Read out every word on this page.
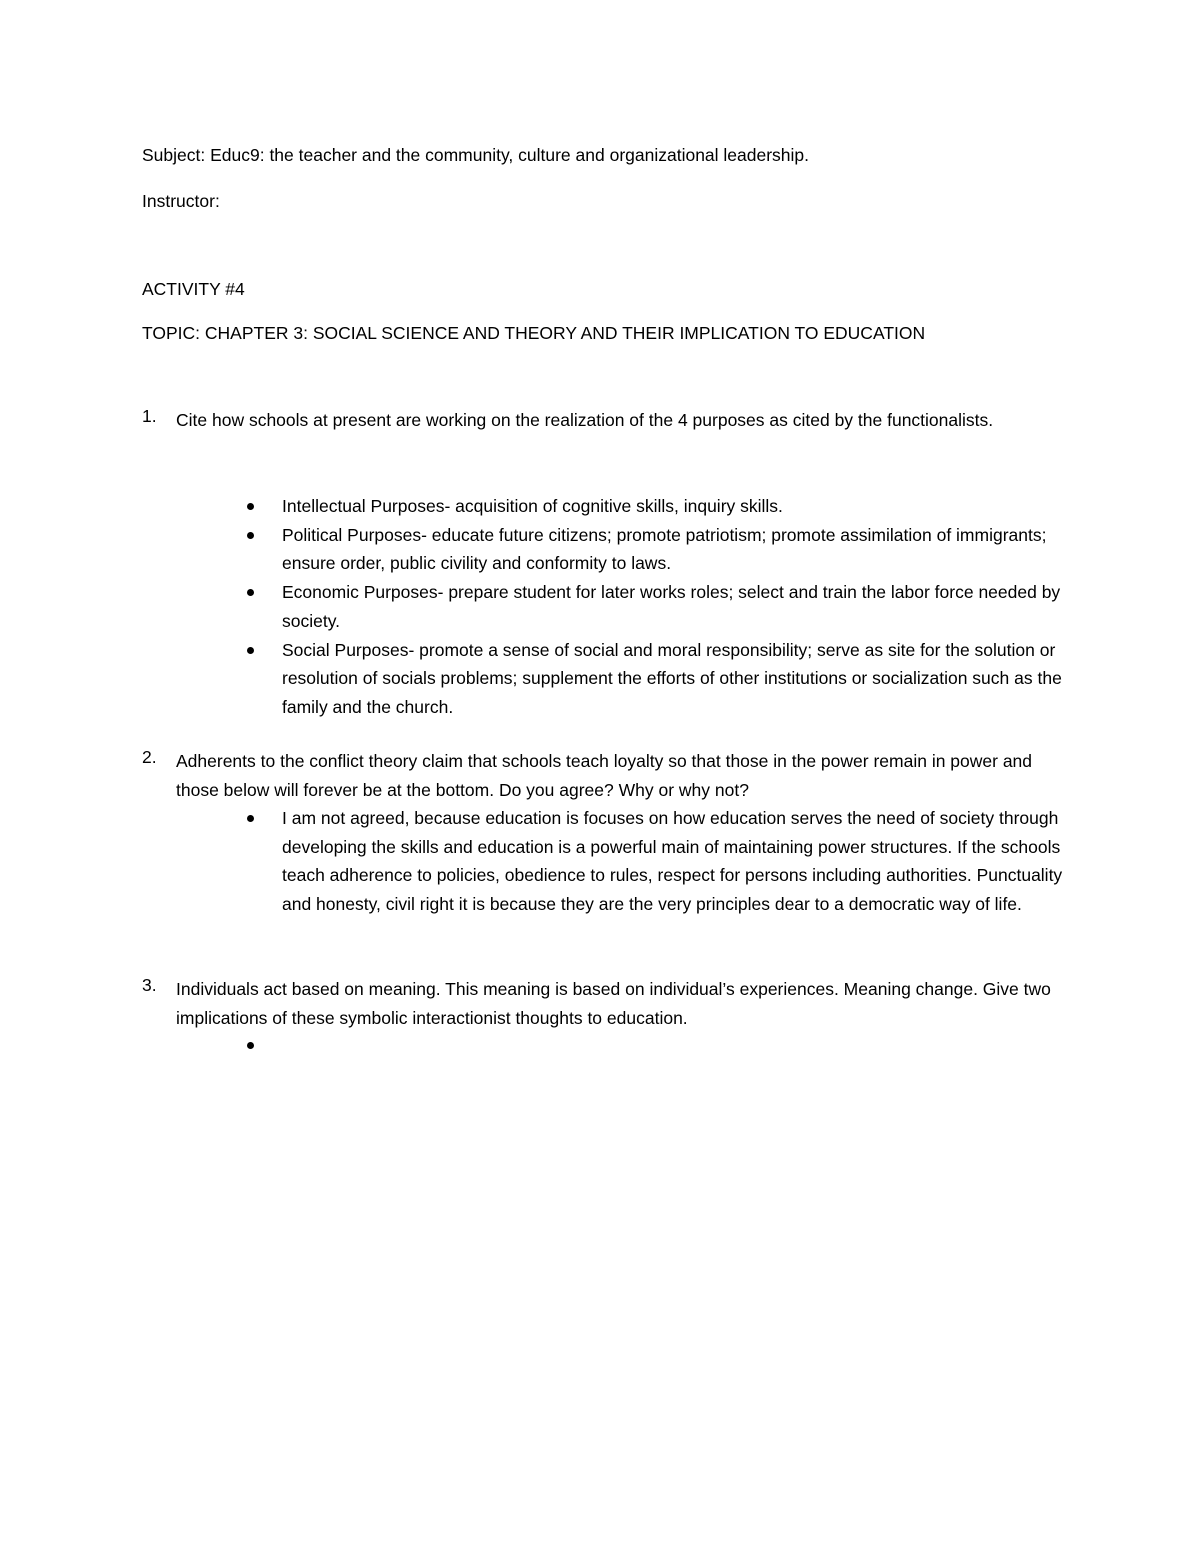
Subject: Educ9: the teacher and the community, culture and organizational leadership.
Instructor:
ACTIVITY #4
TOPIC: CHAPTER 3: SOCIAL SCIENCE AND THEORY AND THEIR IMPLICATION TO EDUCATION
1. Cite how schools at present are working on the realization of the 4 purposes as cited by the functionalists.
Intellectual Purposes- acquisition of cognitive skills, inquiry skills.
Political Purposes- educate future citizens; promote patriotism; promote assimilation of immigrants; ensure order, public civility and conformity to laws.
Economic Purposes- prepare student for later works roles; select and train the labor force needed by society.
Social Purposes- promote a sense of social and moral responsibility; serve as site for the solution or resolution of socials problems; supplement the efforts of other institutions or socialization such as the family and the church.
2. Adherents to the conflict theory claim that schools teach loyalty so that those in the power remain in power and those below will forever be at the bottom. Do you agree? Why or why not?
I am not agreed, because education is focuses on how education serves the need of society through developing the skills and education is a powerful main of maintaining power structures. If the schools teach adherence to policies, obedience to rules, respect for persons including authorities. Punctuality and honesty, civil right it is because they are the very principles dear to a democratic way of life.
3. Individuals act based on meaning. This meaning is based on individual’s experiences. Meaning change. Give two implications of these symbolic interactionist thoughts to education.
